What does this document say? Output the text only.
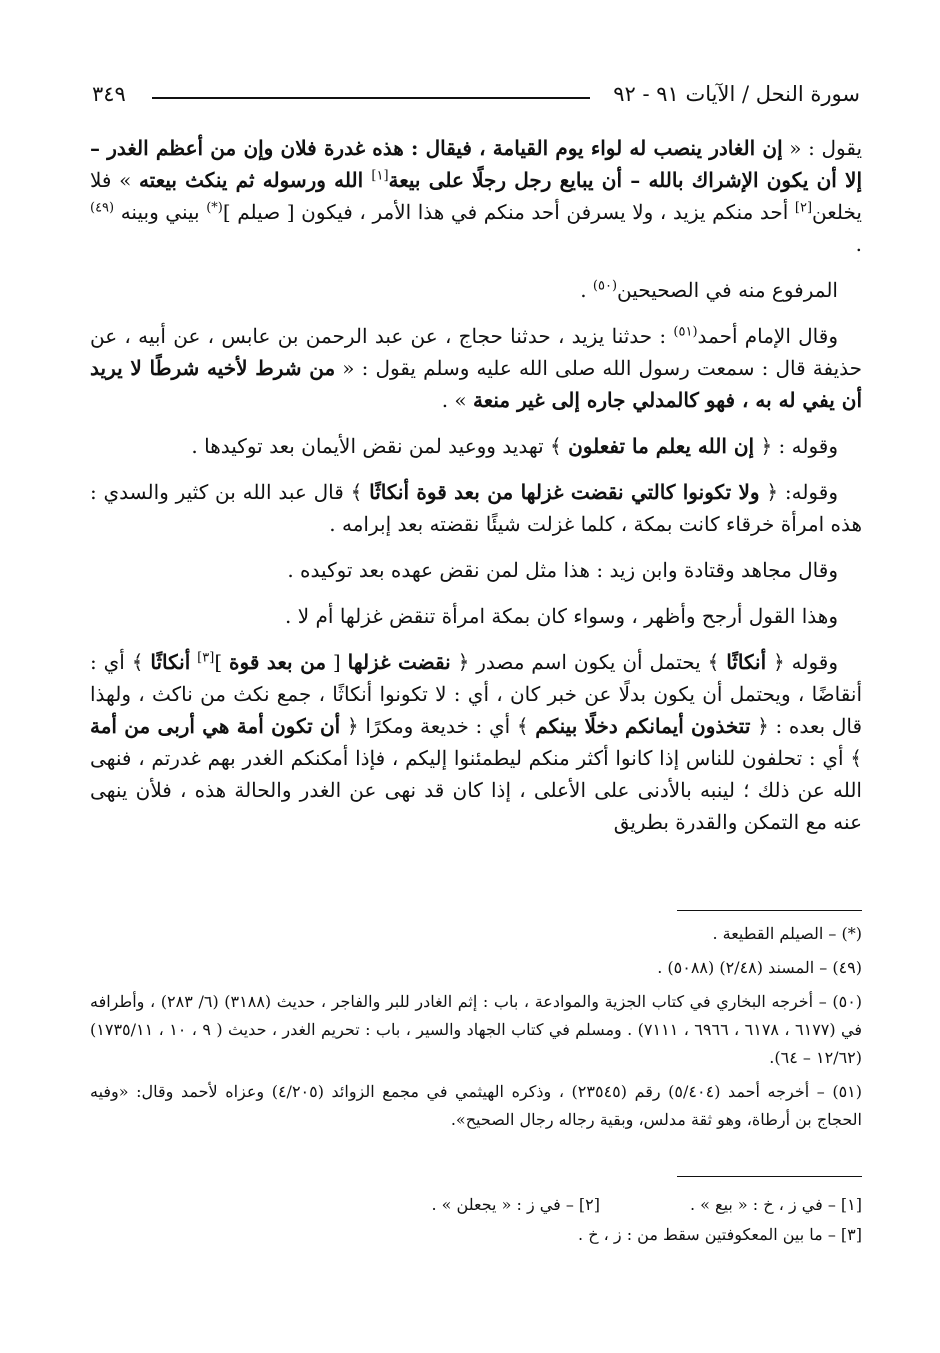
سورة النحل / الآيات ٩١ - ٩٢
٣٤٩

يقول : « إن الغادر ينصب له لواء يوم القيامة ، فيقال : هذه غدرة فلان وإن من أعظم الغدر – إلا أن يكون الإشراك بالله – أن يبايع رجل رجلًا على بيعة[١] الله ورسوله ثم ينكث بيعته » فلا يخلعن[٢] أحد منكم يزيد ، ولا يسرفن أحد منكم في هذا الأمر ، فيكون [ صيلم ](*) بيني وبينه $^{(٤٩)}$ .

المرفوع منه في الصحيحين$^{(٥٠)}$ .

وقال الإمام أحمد$^{(٥١)}$ : حدثنا يزيد ، حدثنا حجاج ، عن عبد الرحمن بن عابس ، عن أبيه ، عن حذيفة قال : سمعت رسول الله صلى الله عليه وسلم يقول : « من شرط لأخيه شرطًا لا يريد أن يفي له به ، فهو كالمدلي جاره إلى غير منعة » .

وقوله : ﴿ إن الله يعلم ما تفعلون ﴾ تهديد ووعيد لمن نقض الأيمان بعد توكيدها .

وقوله: ﴿ ولا تكونوا كالتي نقضت غزلها من بعد قوة أنكاثًا ﴾ قال عبد الله بن كثير والسدي : هذه امرأة خرقاء كانت بمكة ، كلما غزلت شيئًا نقضته بعد إبرامه .

وقال مجاهد وقتادة وابن زيد : هذا مثل لمن نقض عهده بعد توكيده .

وهذا القول أرجح وأظهر ، وسواء كان بمكة امرأة تنقض غزلها أم لا .

وقوله ﴿ أنكاثًا ﴾ يحتمل أن يكون اسم مصدر ﴿ نقضت غزلها [ من بعد قوة ][٣] أنكاثًا ﴾ أي : أنقاضًا ، ويحتمل أن يكون بدلًا عن خبر كان ، أي : لا تكونوا أنكاثًا ، جمع نكث من ناكث ، ولهذا قال بعده : ﴿ تتخذون أيمانكم دخلًا بينكم ﴾ أي : خديعة ومكرًا ﴿ أن تكون أمة هي أربى من أمة ﴾ أي : تحلفون للناس إذا كانوا أكثر منكم ليطمئنوا إليكم ، فإذا أمكنكم الغدر بهم غدرتم ، فنهى الله عن ذلك ؛ لينبه بالأدنى على الأعلى ، إذا كان قد نهى عن الغدر والحالة هذه ، فلأن ينهى عنه مع التمكن والقدرة بطريق

(*) – الصيلم القطيعة .

(٤٩) – المسند (٢/٤٨) (٥٠٨٨) .

(٥٠) – أخرجه البخاري في كتاب الجزية والموادعة ، باب : إثم الغادر للبر والفاجر ، حديث (٣١٨٨) (٦/ ٢٨٣) ، وأطرافه في (٦١٧٧ ، ٦١٧٨ ، ٦٩٦٦ ، ٧١١١) . ومسلم في كتاب الجهاد والسير ، باب : تحريم الغدر ، حديث ( ٩ ، ١٠ ، ١٧٣٥/١١) (١٢/٦٢ – ٦٤).

(٥١) – أخرجه أحمد (٥/٤٠٤) رقم (٢٣٥٤٥) ، وذكره الهيثمي في مجمع الزوائد (٤/٢٠٥) وعزاه لأحمد وقال: «وفيه الحجاج بن أرطاة، وهو ثقة مدلس، وبقية رجاله رجال الصحيح».

[١] – في ز ، خ : « بيع » .
[٢] – في ز : « يجعلن » .
[٣] – ما بين المعكوفتين سقط من : ز ، خ .
